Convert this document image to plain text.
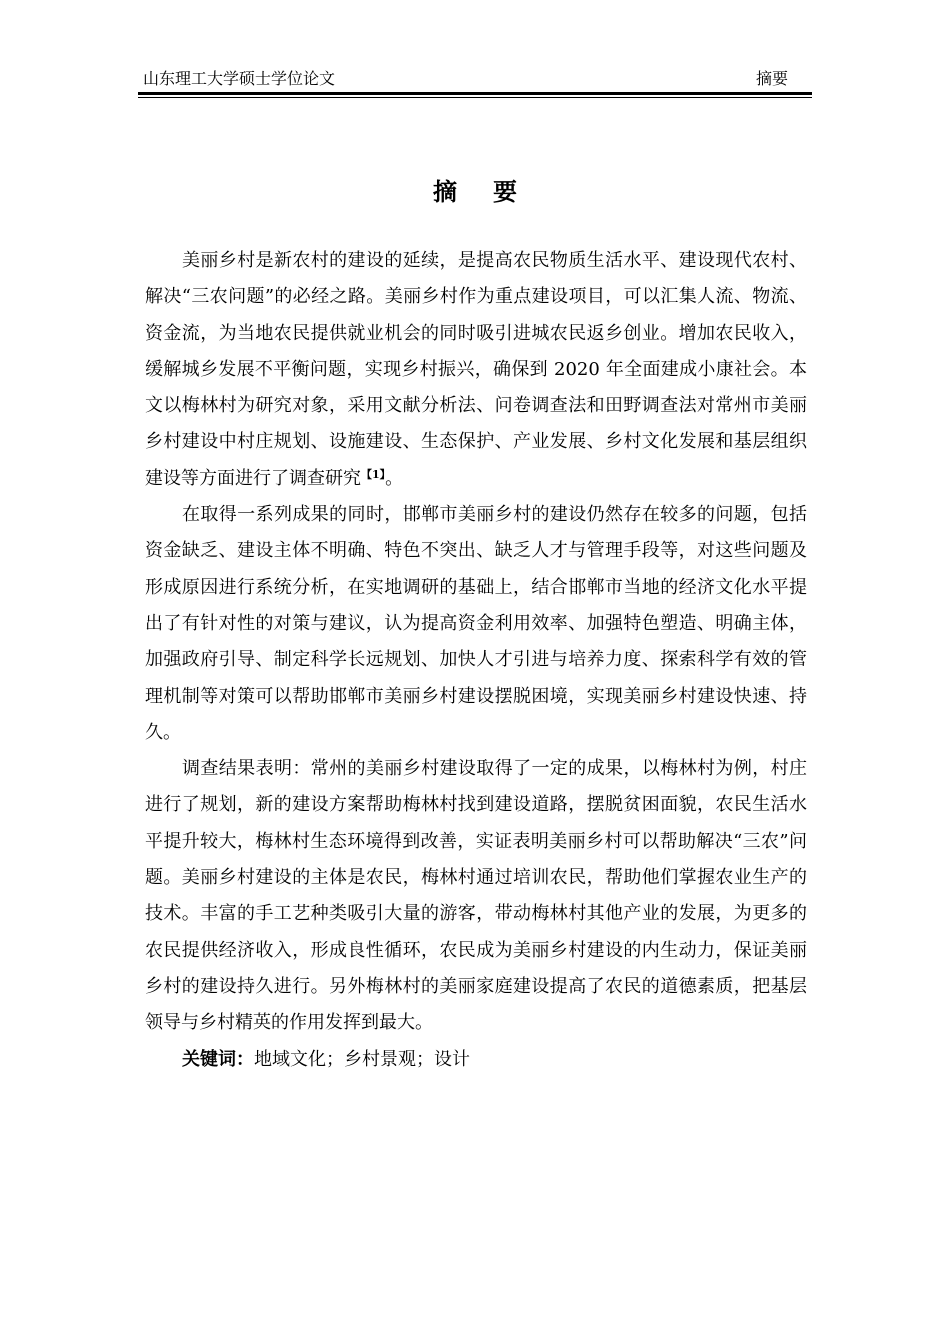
山东理工大学硕士学位论文	摘要
摘要

美丽乡村是新农村的建设的延续，是提高农民物质生活水平、建设现代农村、解决“三农问题”的必经之路。美丽乡村作为重点建设项目，可以汇集人流、物流、资金流，为当地农民提供就业机会的同时吸引进城农民返乡创业。增加农民收入，缓解城乡发展不平衡问题，实现乡村振兴，确保到 2020 年全面建成小康社会。本文以梅林村为研究对象，采用文献分析法、问卷调查法和田野调查法对常州市美丽乡村建设中村庄规划、设施建设、生态保护、产业发展、乡村文化发展和基层组织建设等方面进行了调查研究$^{【1】}$。

在取得一系列成果的同时，邯郸市美丽乡村的建设仍然存在较多的问题，包括资金缺乏、建设主体不明确、特色不突出、缺乏人才与管理手段等，对这些问题及形成原因进行系统分析，在实地调研的基础上，结合邯郸市当地的经济文化水平提出了有针对性的对策与建议，认为提高资金利用效率、加强特色塑造、明确主体，加强政府引导、制定科学长远规划、加快人才引进与培养力度、探索科学有效的管理机制等对策可以帮助邯郸市美丽乡村建设摆脱困境，实现美丽乡村建设快速、持久。

调查结果表明：常州的美丽乡村建设取得了一定的成果，以梅林村为例，村庄进行了规划，新的建设方案帮助梅林村找到建设道路，摆脱贫困面貌，农民生活水平提升较大，梅林村生态环境得到改善，实证表明美丽乡村可以帮助解决“三农”问题。美丽乡村建设的主体是农民，梅林村通过培训农民，帮助他们掌握农业生产的技术。丰富的手工艺种类吸引大量的游客，带动梅林村其他产业的发展，为更多的农民提供经济收入，形成良性循环，农民成为美丽乡村建设的内生动力，保证美丽乡村的建设持久进行。另外梅林村的美丽家庭建设提高了农民的道德素质，把基层领导与乡村精英的作用发挥到最大。

关键词：地域文化；乡村景观；设计
